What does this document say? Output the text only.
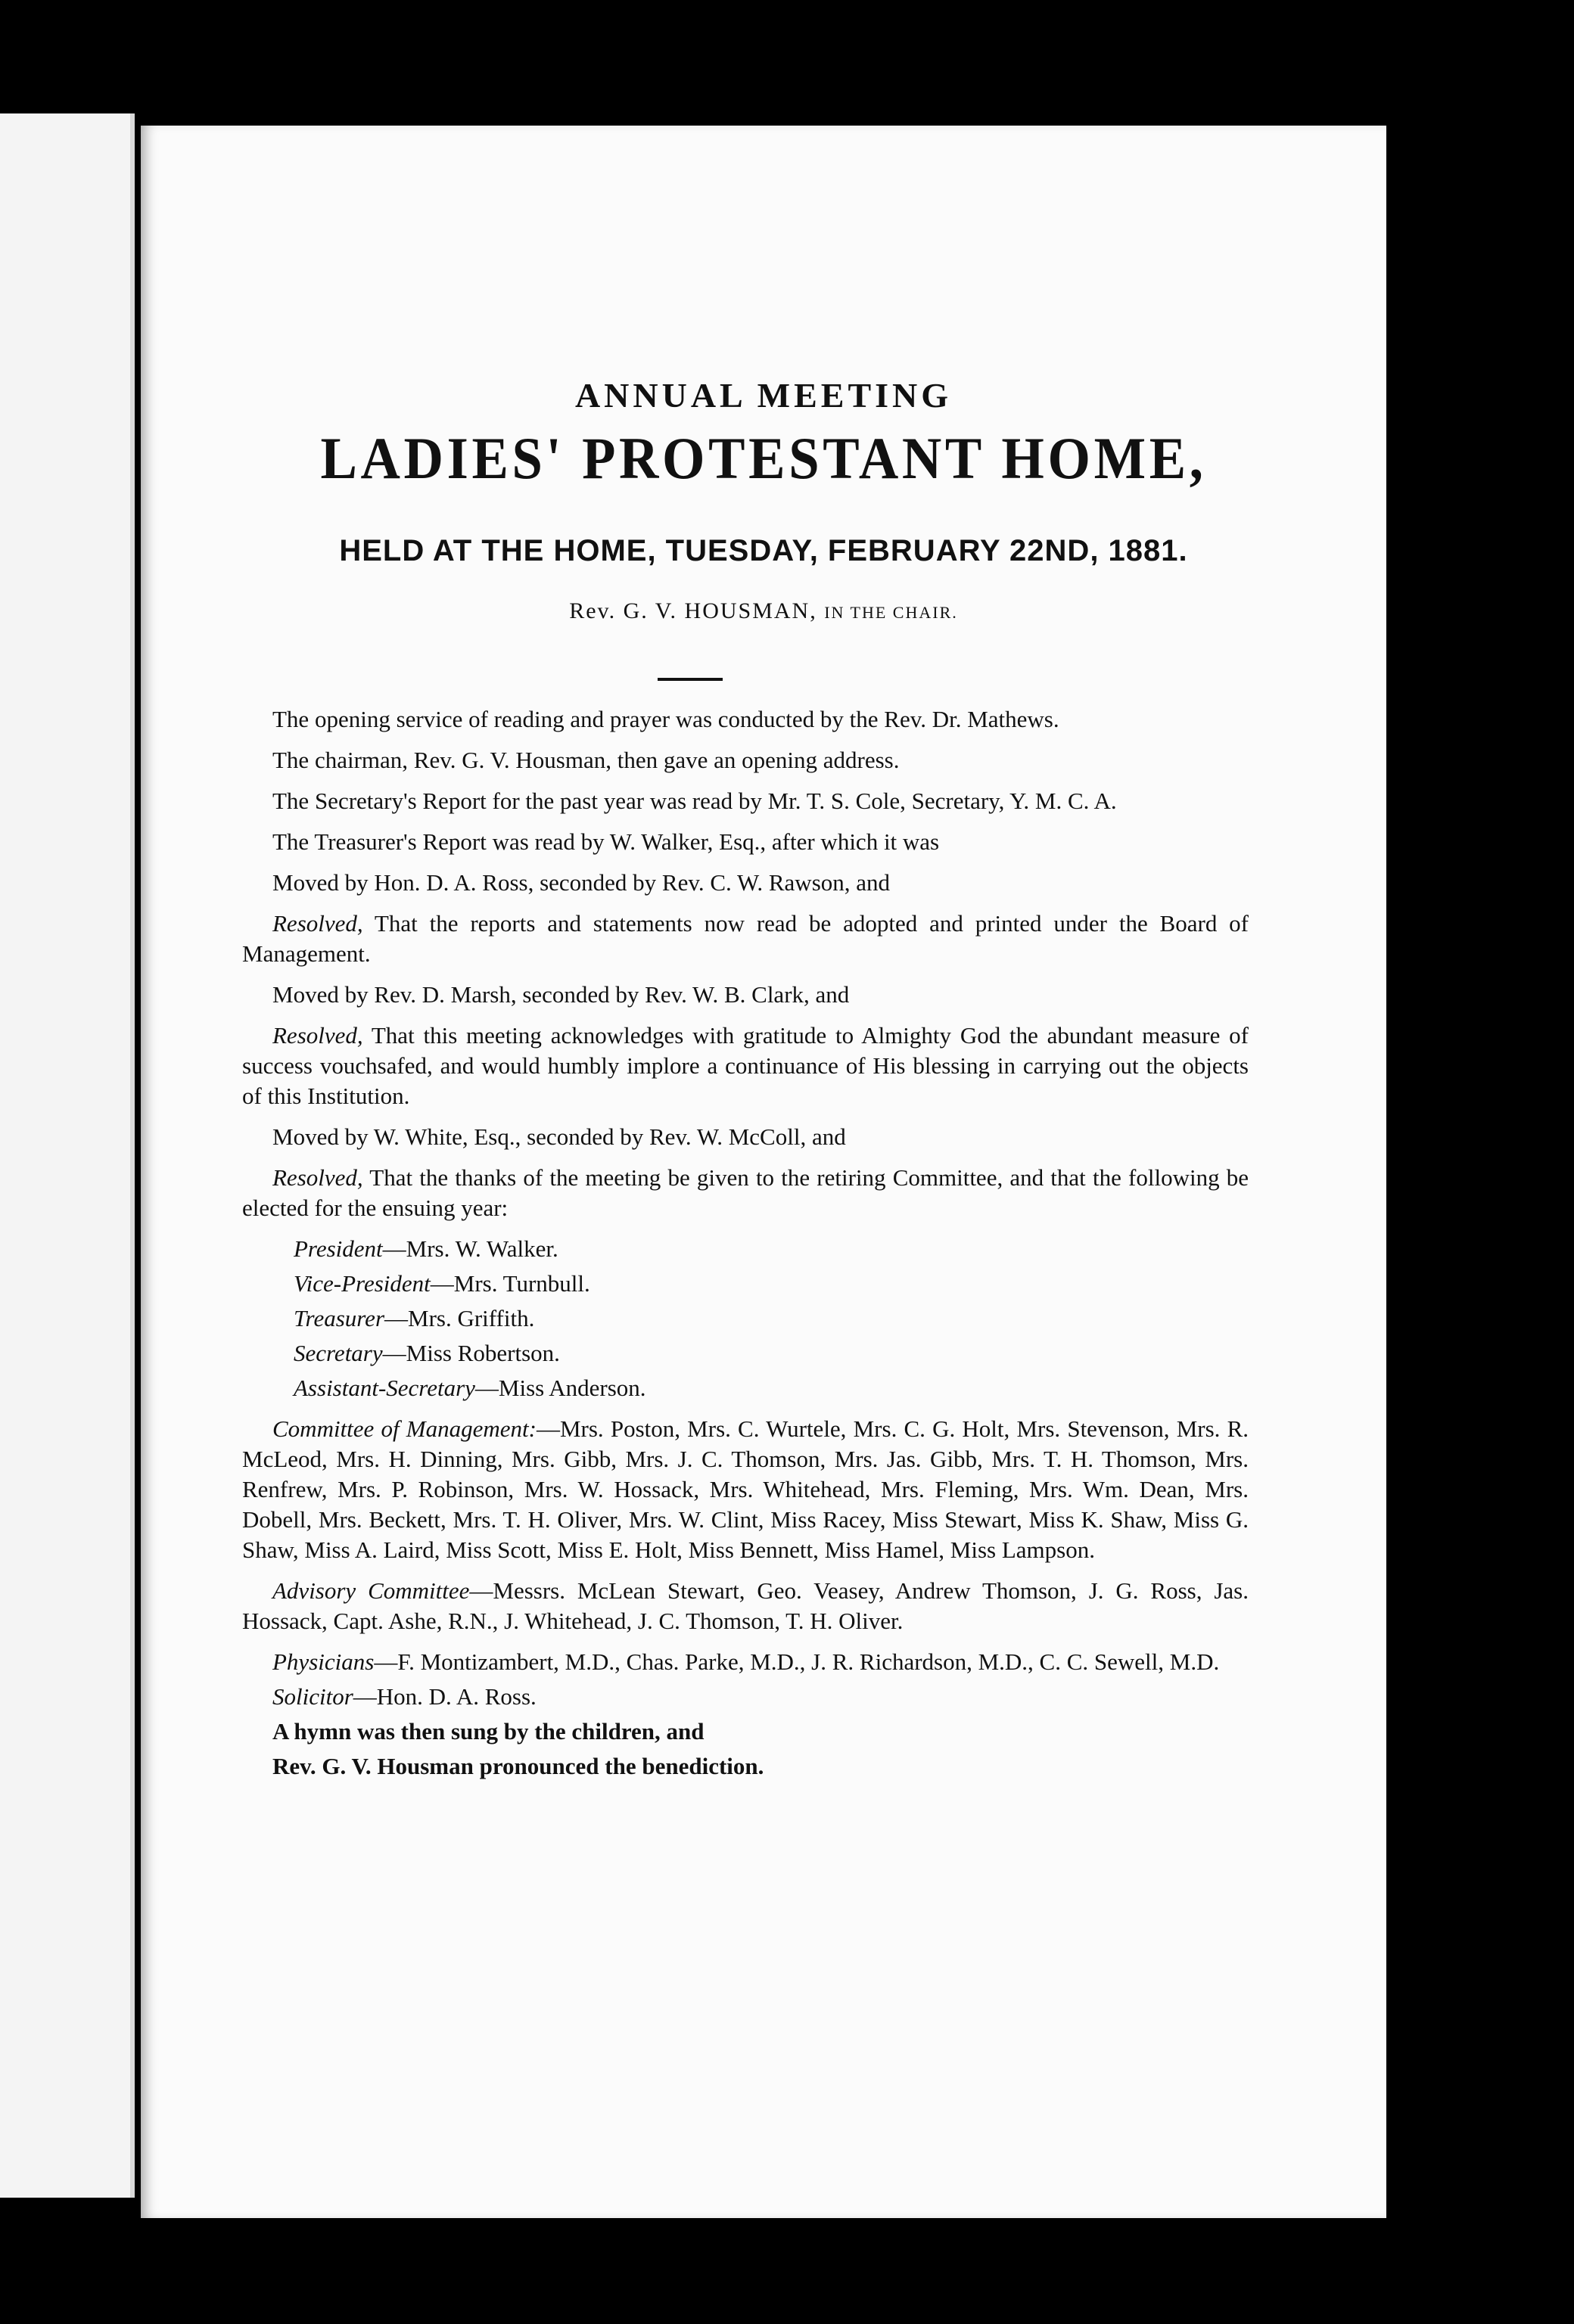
ANNUAL MEETING
LADIES' PROTESTANT HOME,
HELD AT THE HOME, TUESDAY, FEBRUARY 22ND, 1881.
Rev. G. V. HOUSMAN, IN THE CHAIR.

The opening service of reading and prayer was conducted by the Rev. Dr. Mathews.

The chairman, Rev. G. V. Housman, then gave an opening address.

The Secretary's Report for the past year was read by Mr. T. S. Cole, Secretary, Y. M. C. A.

The Treasurer's Report was read by W. Walker, Esq., after which it was

Moved by Hon. D. A. Ross, seconded by Rev. C. W. Rawson, and

Resolved, That the reports and statements now read be adopted and printed under the Board of Management.

Moved by Rev. D. Marsh, seconded by Rev. W. B. Clark, and

Resolved, That this meeting acknowledges with gratitude to Almighty God the abundant measure of success vouchsafed, and would humbly implore a continuance of His blessing in carrying out the objects of this Institution.

Moved by W. White, Esq., seconded by Rev. W. McColl, and

Resolved, That the thanks of the meeting be given to the retiring Committee, and that the following be elected for the ensuing year:

President—Mrs. W. Walker.

Vice-President—Mrs. Turnbull.

Treasurer—Mrs. Griffith.

Secretary—Miss Robertson.

Assistant-Secretary—Miss Anderson.

Committee of Management:—Mrs. Poston, Mrs. C. Wurtele, Mrs. C. G. Holt, Mrs. Stevenson, Mrs. R. McLeod, Mrs. H. Dinning, Mrs. Gibb, Mrs. J. C. Thomson, Mrs. Jas. Gibb, Mrs. T. H. Thomson, Mrs. Renfrew, Mrs. P. Robinson, Mrs. W. Hossack, Mrs. Whitehead, Mrs. Fleming, Mrs. Wm. Dean, Mrs. Dobell, Mrs. Beckett, Mrs. T. H. Oliver, Mrs. W. Clint, Miss Racey, Miss Stewart, Miss K. Shaw, Miss G. Shaw, Miss A. Laird, Miss Scott, Miss E. Holt, Miss Bennett, Miss Hamel, Miss Lampson.

Advisory Committee—Messrs. McLean Stewart, Geo. Veasey, Andrew Thomson, J. G. Ross, Jas. Hossack, Capt. Ashe, R.N., J. Whitehead, J. C. Thomson, T. H. Oliver.

Physicians—F. Montizambert, M.D., Chas. Parke, M.D., J. R. Richardson, M.D., C. C. Sewell, M.D.

Solicitor—Hon. D. A. Ross.

A hymn was then sung by the children, and

Rev. G. V. Housman pronounced the benediction.
